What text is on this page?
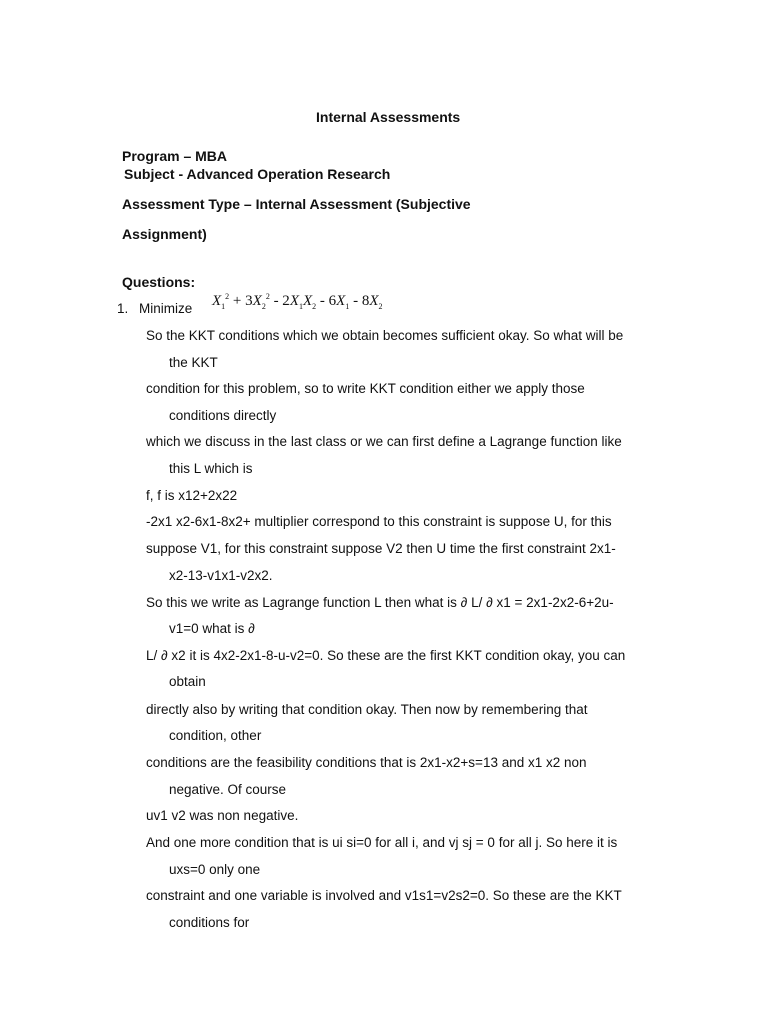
Internal Assessments
Program – MBA
Subject - Advanced Operation Research
Assessment Type – Internal Assessment (Subjective
Assignment)
Questions:
1. Minimize $X_1^2 + 3X_2^2 - 2X_1X_2 - 6X_1 - 8X_2$
So the KKT conditions which we obtain becomes sufficient okay. So what will be
the KKT
condition for this problem, so to write KKT condition either we apply those
conditions directly
which we discuss in the last class or we can first define a Lagrange function like
this L which is
f, f is x12+2x22
-2x1 x2-6x1-8x2+ multiplier correspond to this constraint is suppose U, for this
suppose V1, for this constraint suppose V2 then U time the first constraint 2x1-
x2-13-v1x1-v2x2.
So this we write as Lagrange function L then what is ∂ L/ ∂ x1 = 2x1-2x2-6+2u-
v1=0 what is ∂
L/ ∂ x2 it is 4x2-2x1-8-u-v2=0. So these are the first KKT condition okay, you can
obtain
directly also by writing that condition okay. Then now by remembering that
condition, other
conditions are the feasibility conditions that is 2x1-x2+s=13 and x1 x2 non
negative. Of course
uv1 v2 was non negative.
And one more condition that is ui si=0 for all i, and vj sj = 0 for all j. So here it is
uxs=0 only one
constraint and one variable is involved and v1s1=v2s2=0. So these are the KKT
conditions for
